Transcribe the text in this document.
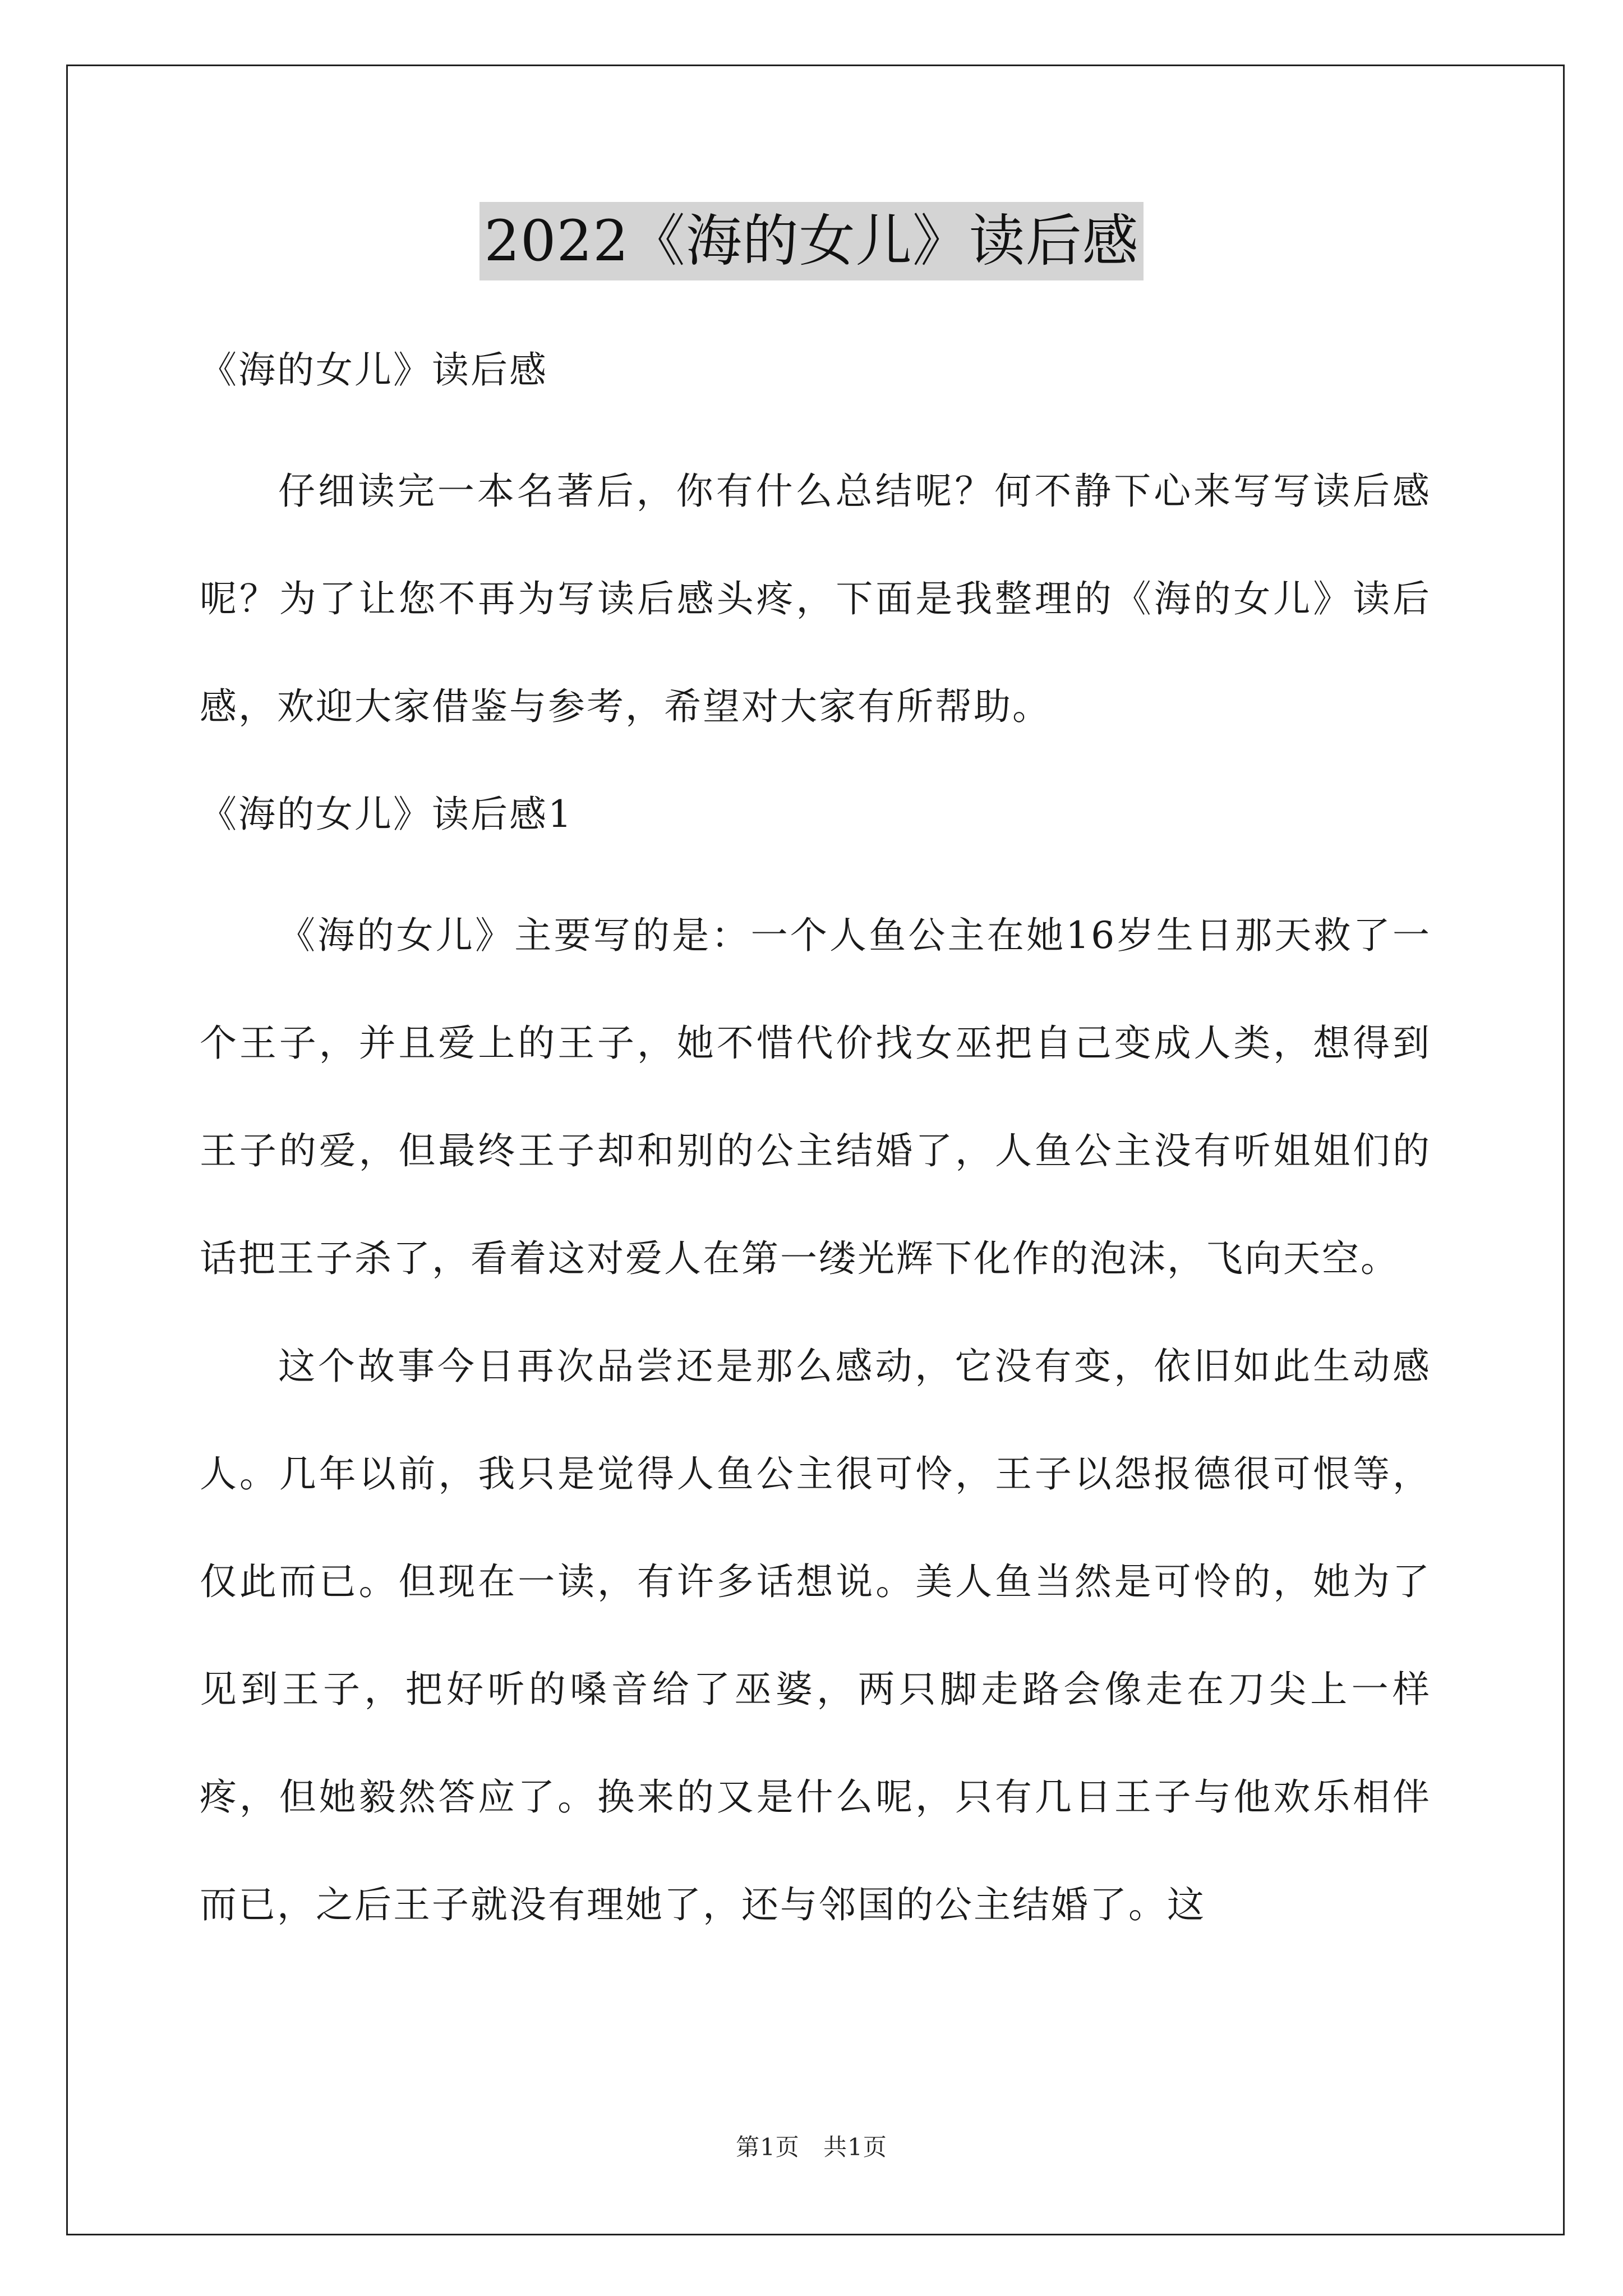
2022《海的女儿》读后感
《海的女儿》读后感

仔细读完一本名著后，你有什么总结呢？何不静下心来写写读后感呢？为了让您不再为写读后感头疼，下面是我整理的《海的女儿》读后感，欢迎大家借鉴与参考，希望对大家有所帮助。

《海的女儿》读后感1

《海的女儿》主要写的是：一个人鱼公主在她16岁生日那天救了一个王子，并且爱上的王子，她不惜代价找女巫把自己变成人类，想得到王子的爱，但最终王子却和别的公主结婚了，人鱼公主没有听姐姐们的话把王子杀了，看着这对爱人在第一缕光辉下化作的泡沫，飞向天空。

这个故事今日再次品尝还是那么感动，它没有变，依旧如此生动感人。几年以前，我只是觉得人鱼公主很可怜，王子以怨报德很可恨等，仅此而已。但现在一读，有许多话想说。美人鱼当然是可怜的，她为了见到王子，把好听的嗓音给了巫婆，两只脚走路会像走在刀尖上一样疼，但她毅然答应了。换来的又是什么呢，只有几日王子与他欢乐相伴而已，之后王子就没有理她了，还与邻国的公主结婚了。这

第1页 共1页
